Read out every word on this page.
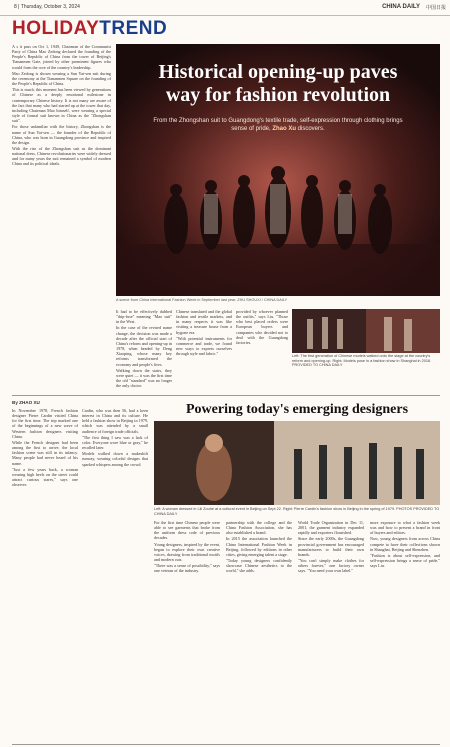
8 | Thursday, October 3, 2024	CHINA DAILY 中国日报
HOLIDAYTREND

A s it pass on Oct 1, 1949, Chairman of the Communist Party of China Mao Zedong declared the founding of the People's Republic of China from the tower of Beijing's Tiananmen Gate, joined by other prominent figures who would form the core of the country's leadership.

Mao Zedong is shown wearing a Sun Yat-sen suit during the ceremony at the Tiananmen Square on the founding of the People's Republic of China.

This is much, this moment has been viewed by generations of Chinese as a deeply emotional milestone in contemporary Chinese history. It is not many are aware of the fact that many who had started up at the tower that day, including Chairman Mao himself, were wearing a special style of formal suit known in China as the "Zhongshan suit".

For those unfamiliar with the history, Zhongshan is the name of Sun Yat-sen — the founder of the Republic of China, who was born in Guangdong province and inspired the design.

With the rise of the Zhongshan suit as the dominant national dress, Chinese revolutionaries were widely dressed and for many years the suit remained a symbol of modern China and its political ideals.

Historical opening-up paves
way for fashion revolution
From the Zhongshan suit to Guangdong's textile trade, self-expression through clothing brings sense of pride, Zhao Xu discovers.
A scene from China International Fashion Week in September last year. ZHU SHOUXI / CHINA DAILY

It had to be effectively dubbed "drip-fuse" meaning "Mao suit" in the West.

In the case of the revised name change, the decision was made a decade after the official start of China's reform and opening-up in 1978, when headed by Deng Xiaoping, whose many key reforms transformed the economy and people's lives.

Walking down the stairs, they were quiet — it was the first time the old "standard" was no longer the only choice.

Chinese translated and the global fashion and textile markets, and in many respects it was like visiting a treasure house from a bygone era.

"With potential instruments for commerce and trade, we found new ways to express ourselves through style and fabric."

provided by whoever planned the outfits," says Liu. "Those who best placed orders were European buyers and companies who decided not to deal with the Guangdong factories.

Left: The first generation of Chinese models walked onto the stage at the country's reform and opening-up. Right: Models pose in a fashion show in Shanghai in 2018. PROVIDED TO CHINA DAILY
By ZHAO XU	Powering today's emerging designers
Left: A woman dressed in Lili Zouhe at a cultural event in Beijing on Sept 22. Right: Pierre Cardin's fashion show in Beijing in the spring of 1979. PHOTOS PROVIDED TO CHINA DAILY

In November 1978, French fashion designer Pierre Cardin visited China for the first time. The trip marked one of the beginnings of a new wave of Western fashion designers visiting China.

While the French designer had been among the first to arrive, the local fashion scene was still in its infancy. Many people had never heard of his name.

"Just a few years back, a woman wearing high heels on the street could attract curious stares," says one observer.

Cardin, who was then 56, had a keen interest in China and its culture. He held a fashion show in Beijing in 1979, which was attended by a small audience of foreign trade officials.

"The first thing I saw was a lack of color. Everyone wore blue or gray," he recalled later.

Models walked down a makeshift runway, wearing colorful designs that sparked whispers among the crowd.

For the first time Chinese people were able to see garments that broke from the uniform dress code of previous decades.

Young designers, inspired by the event, began to explore their own creative voices, drawing from traditional motifs and modern cuts.

"There was a sense of possibility," says one veteran of the industry.

partnership with the college and the China Fashion Association, she has also established a brand.

In 2015 the association launched the China International Fashion Week in Beijing, followed by editions in other cities, giving emerging talent a stage.

"Today young designers confidently showcase Chinese aesthetics to the world," she adds.

World Trade Organization in Dec 11, 2001, the garment industry expanded rapidly and exporters flourished.

Since the early 2000s, the Guangdong provincial government has encouraged manufacturers to build their own brands.

"You can't simply make clothes for others forever," one factory owner says. "You need your own label."

more exposure to what a fashion week was and how to present a brand in front of buyers and editors.

Now, young designers from across China compete to have their collections shown in Shanghai, Beijing and Shenzhen.

"Fashion is about self-expression, and self-expression brings a sense of pride," says Liu.
